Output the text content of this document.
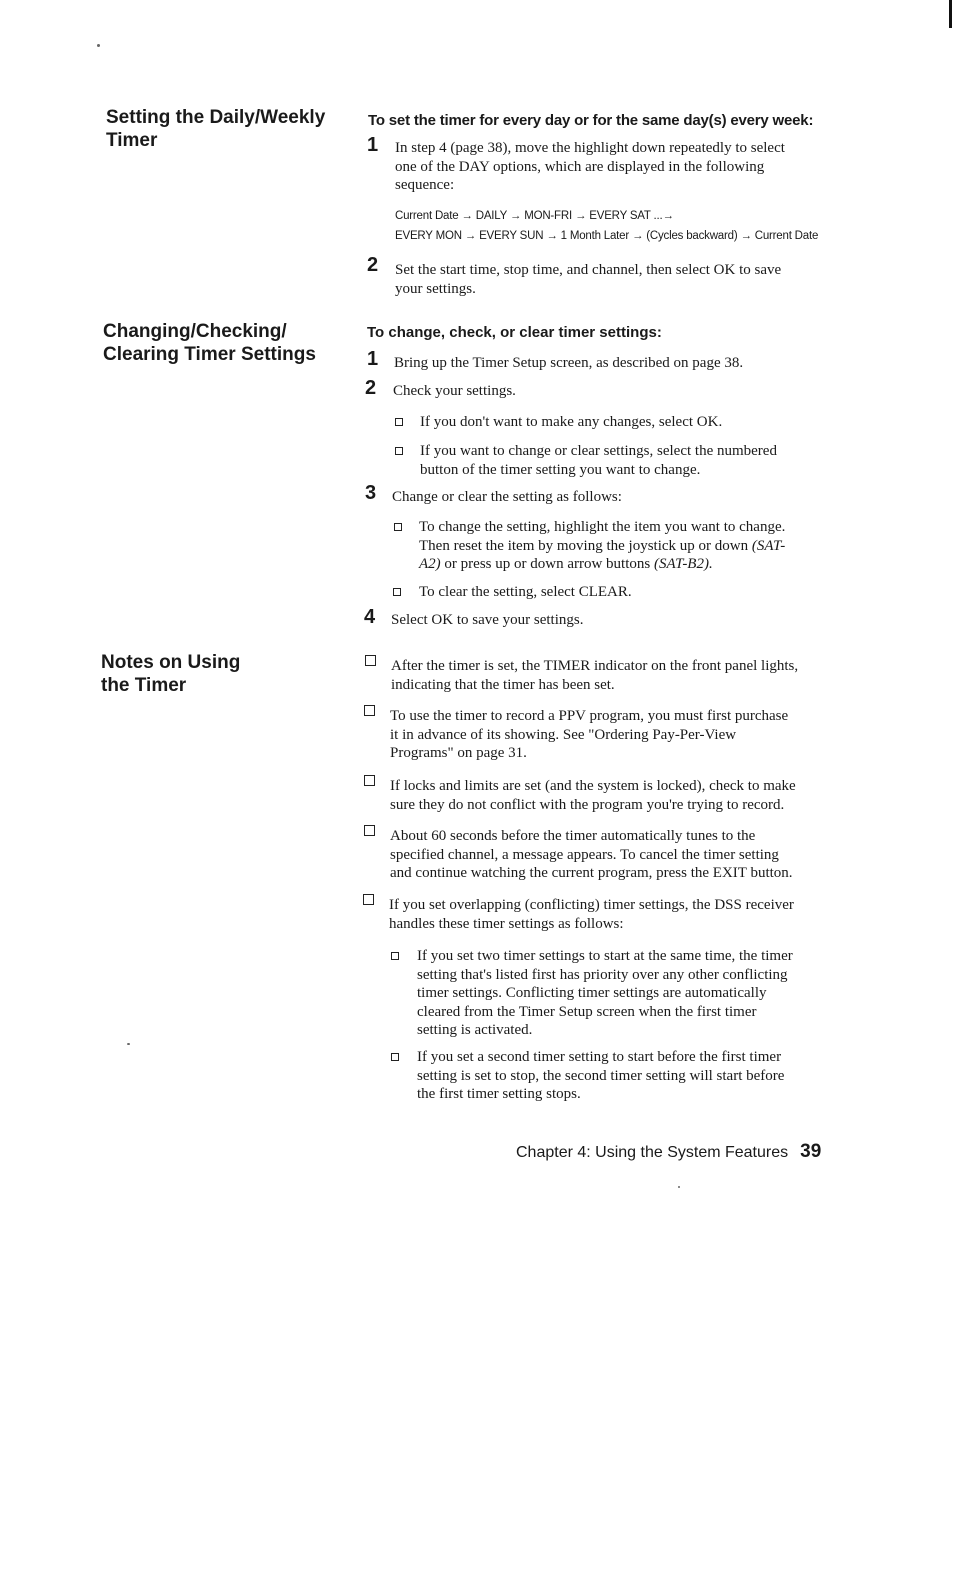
Setting the Daily/Weekly
Timer
To set the timer for every day or for the same day(s) every week:
1 In step 4 (page 38), move the highlight down repeatedly to select
one of the DAY options, which are displayed in the following
sequence:
Current Date → DAILY → MON-FRI → EVERY SAT ...→
EVERY MON → EVERY SUN → 1 Month Later → (Cycles backward) → Current Date
2 Set the start time, stop time, and channel, then select OK to save
your settings.
Changing/Checking/
Clearing Timer Settings
To change, check, or clear timer settings:
1 Bring up the Timer Setup screen, as described on page 38.
2 Check your settings.
If you don't want to make any changes, select OK.
If you want to change or clear settings, select the numbered
button of the timer setting you want to change.
3 Change or clear the setting as follows:
To change the setting, highlight the item you want to change.
Then reset the item by moving the joystick up or down (SAT-
A2) or press up or down arrow buttons (SAT-B2).
To clear the setting, select CLEAR.
4 Select OK to save your settings.
Notes on Using
the Timer
After the timer is set, the TIMER indicator on the front panel lights,
indicating that the timer has been set.
To use the timer to record a PPV program, you must first purchase
it in advance of its showing. See "Ordering Pay-Per-View
Programs" on page 31.
If locks and limits are set (and the system is locked), check to make
sure they do not conflict with the program you're trying to record.
About 60 seconds before the timer automatically tunes to the
specified channel, a message appears. To cancel the timer setting
and continue watching the current program, press the EXIT button.
If you set overlapping (conflicting) timer settings, the DSS receiver
handles these timer settings as follows:
If you set two timer settings to start at the same time, the timer
setting that's listed first has priority over any other conflicting
timer settings. Conflicting timer settings are automatically
cleared from the Timer Setup screen when the first timer
setting is activated.
If you set a second timer setting to start before the first timer
setting is set to stop, the second timer setting will start before
the first timer setting stops.
Chapter 4: Using the System Features 39
